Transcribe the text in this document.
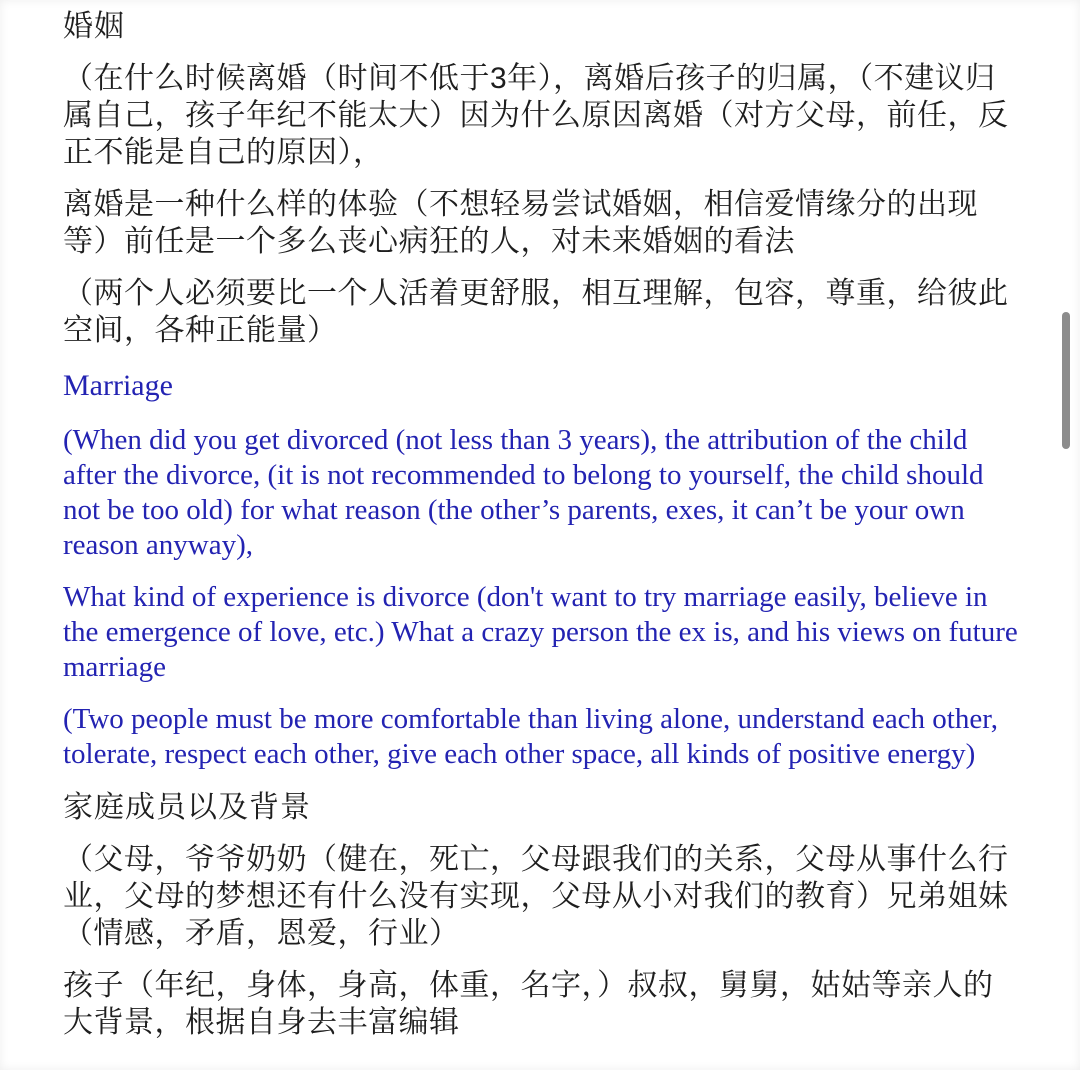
婚姻

（在什么时候离婚（时间不低于3年），离婚后孩子的归属，（不建议归属自己，孩子年纪不能太大）因为什么原因离婚（对方父母，前任，反正不能是自己的原因），

离婚是一种什么样的体验（不想轻易尝试婚姻，相信爱情缘分的出现等）前任是一个多么丧心病狂的人，对未来婚姻的看法

（两个人必须要比一个人活着更舒服，相互理解，包容，尊重，给彼此空间，各种正能量）

Marriage

(When did you get divorced (not less than 3 years), the attribution of the child after the divorce, (it is not recommended to belong to yourself, the child should not be too old) for what reason (the other’s parents, exes, it can’t be your own reason anyway),

What kind of experience is divorce (don't want to try marriage easily, believe in the emergence of love, etc.) What a crazy person the ex is, and his views on future marriage

(Two people must be more comfortable than living alone, understand each other, tolerate, respect each other, give each other space, all kinds of positive energy)

家庭成员以及背景

（父母，爷爷奶奶（健在，死亡，父母跟我们的关系，父母从事什么行业，父母的梦想还有什么没有实现，父母从小对我们的教育）兄弟姐妹（情感，矛盾，恩爱，行业）

孩子（年纪，身体，身高，体重，名字，）叔叔，舅舅，姑姑等亲人的大背景，根据自身去丰富编辑
